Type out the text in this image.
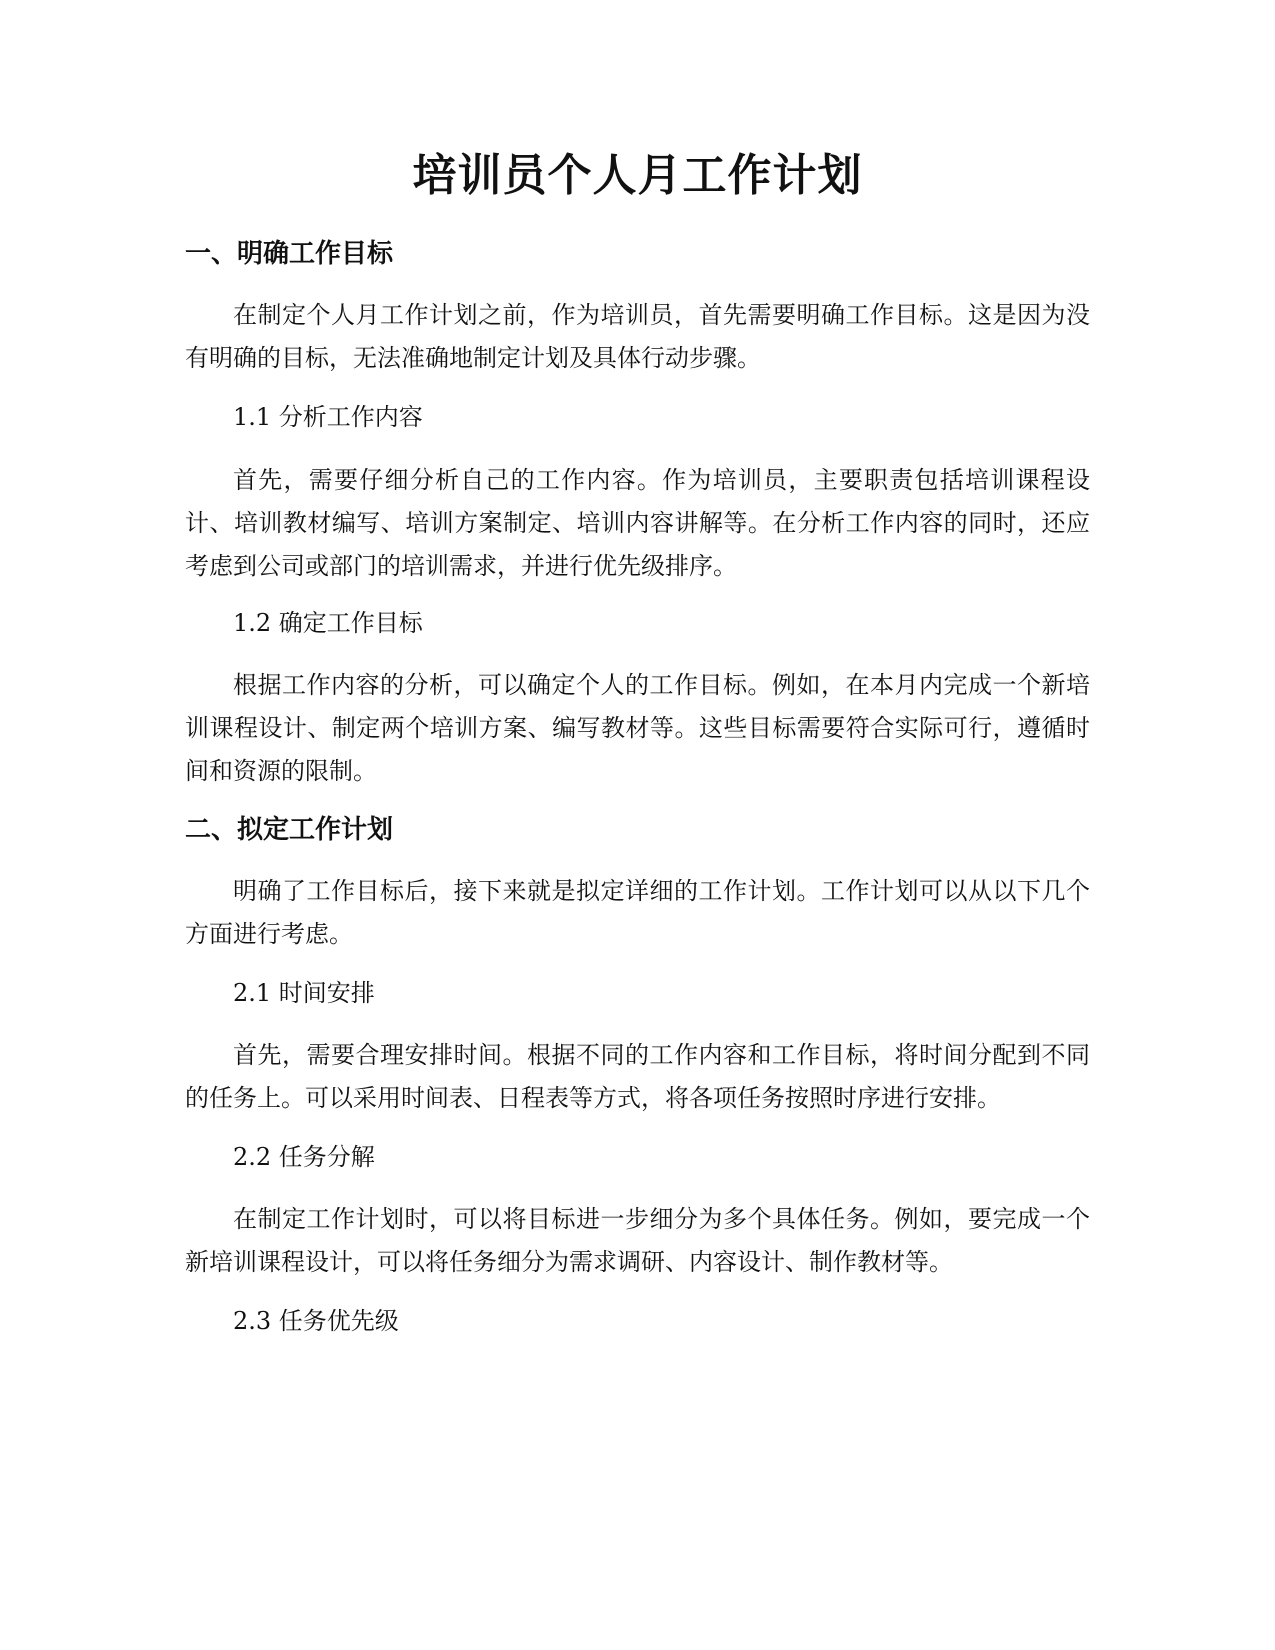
培训员个人月工作计划
一、明确工作目标

在制定个人月工作计划之前，作为培训员，首先需要明确工作目标。这是因为没有明确的目标，无法准确地制定计划及具体行动步骤。

1.1 分析工作内容

首先，需要仔细分析自己的工作内容。作为培训员，主要职责包括培训课程设计、培训教材编写、培训方案制定、培训内容讲解等。在分析工作内容的同时，还应考虑到公司或部门的培训需求，并进行优先级排序。

1.2 确定工作目标

根据工作内容的分析，可以确定个人的工作目标。例如，在本月内完成一个新培训课程设计、制定两个培训方案、编写教材等。这些目标需要符合实际可行，遵循时间和资源的限制。

二、拟定工作计划

明确了工作目标后，接下来就是拟定详细的工作计划。工作计划可以从以下几个方面进行考虑。

2.1 时间安排

首先，需要合理安排时间。根据不同的工作内容和工作目标，将时间分配到不同的任务上。可以采用时间表、日程表等方式，将各项任务按照时序进行安排。

2.2 任务分解

在制定工作计划时，可以将目标进一步细分为多个具体任务。例如，要完成一个新培训课程设计，可以将任务细分为需求调研、内容设计、制作教材等。

2.3 任务优先级
